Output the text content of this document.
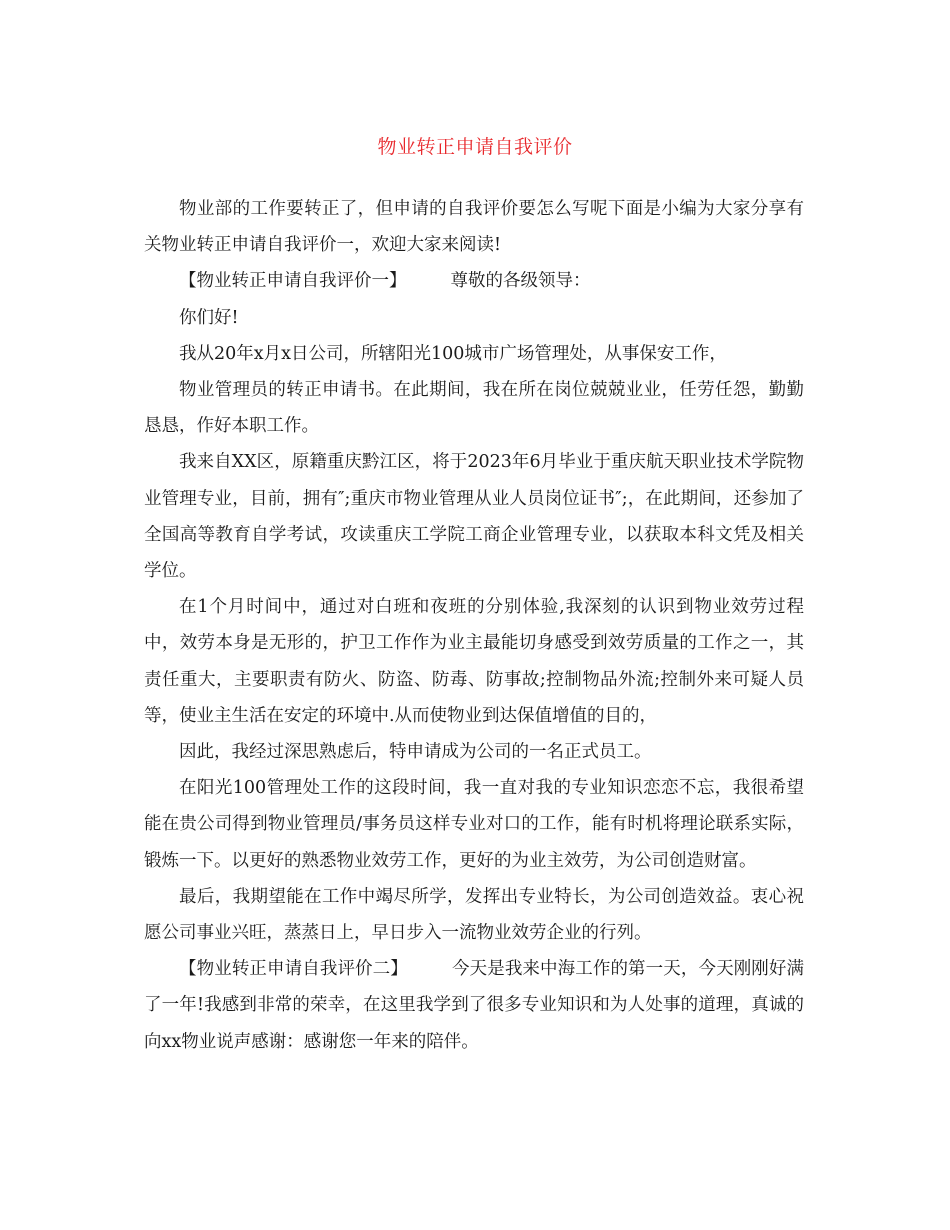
物业转正申请自我评价

物业部的工作要转正了，但申请的自我评价要怎么写呢下面是小编为大家分享有关物业转正申请自我评价一，欢迎大家来阅读!

【物业转正申请自我评价一】	尊敬的各级领导：

你们好!

我从20年x月x日公司，所辖阳光100城市广场管理处，从事保安工作，

物业管理员的转正申请书。在此期间，我在所在岗位兢兢业业，任劳任怨，勤勤恳恳，作好本职工作。

我来自XX区，原籍重庆黔江区，将于2023年6月毕业于重庆航天职业技术学院物业管理专业，目前，拥有″;重庆市物业管理从业人员岗位证书″;，在此期间，还参加了全国高等教育自学考试，攻读重庆工学院工商企业管理专业，以获取本科文凭及相关学位。

在1个月时间中，通过对白班和夜班的分别体验,我深刻的认识到物业效劳过程中，效劳本身是无形的，护卫工作作为业主最能切身感受到效劳质量的工作之一，其责任重大，主要职责有防火、防盗、防毒、防事故;控制物品外流;控制外来可疑人员等，使业主生活在安定的环境中.从而使物业到达保值增值的目的，

因此，我经过深思熟虑后，特申请成为公司的一名正式员工。

在阳光100管理处工作的这段时间，我一直对我的专业知识恋恋不忘，我很希望能在贵公司得到物业管理员/事务员这样专业对口的工作，能有时机将理论联系实际，锻炼一下。以更好的熟悉物业效劳工作，更好的为业主效劳，为公司创造财富。

最后，我期望能在工作中竭尽所学，发挥出专业特长，为公司创造效益。衷心祝愿公司事业兴旺，蒸蒸日上，早日步入一流物业效劳企业的行列。

【物业转正申请自我评价二】	今天是我来中海工作的第一天，今天刚刚好满了一年!我感到非常的荣幸，在这里我学到了很多专业知识和为人处事的道理，真诚的向xx物业说声感谢：感谢您一年来的陪伴。
